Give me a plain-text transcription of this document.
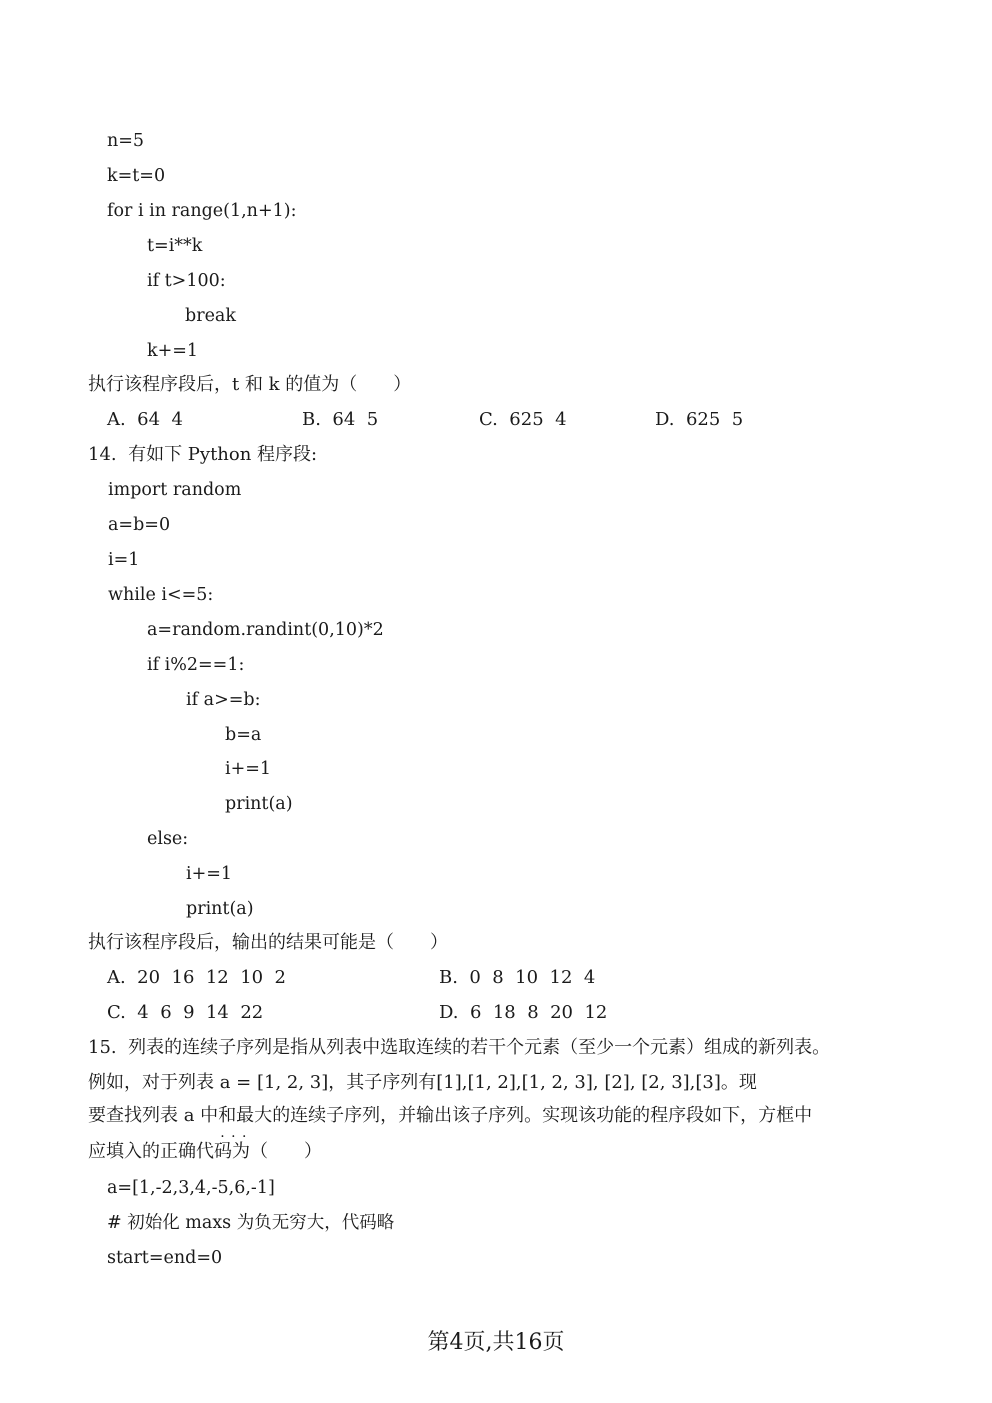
n=5
k=t=0
for i in range(1,n+1):
t=i**k
if t>100:
break
k+=1
执行该程序段后，t 和 k 的值为（　　）
A.  64  4	B.  64  5	C.  625  4	D.  625  5
14.  有如下 Python 程序段:
import random
a=b=0
i=1
while i<=5:
a=random.randint(0,10)*2
if i%2==1:
if a>=b:
b=a
i+=1
print(a)
else:
i+=1
print(a)
执行该程序段后，输出的结果可能是（　　）
A.  20  16  12  10  2	B.  0  8  10  12  4
C.  4  6  9  14  22	D.  6  18  8  20  12
15.  列表的连续子序列是指从列表中选取连续的若干个元素（至少一个元素）组成的新列表。
例如，对于列表 a = [1, 2, 3]，其子序列有[1],[1, 2],[1, 2, 3], [2], [2, 3],[3]。现
要查找列表 a 中和最大 · · ·的连续子序列，并输出该子序列。实现该功能的程序段如下，方框中
应填入的正确代码为（　　）
a=[1,-2,3,4,-5,6,-1]
# 初始化 maxs 为负无穷大，代码略
start=end=0
第4页,共16页
